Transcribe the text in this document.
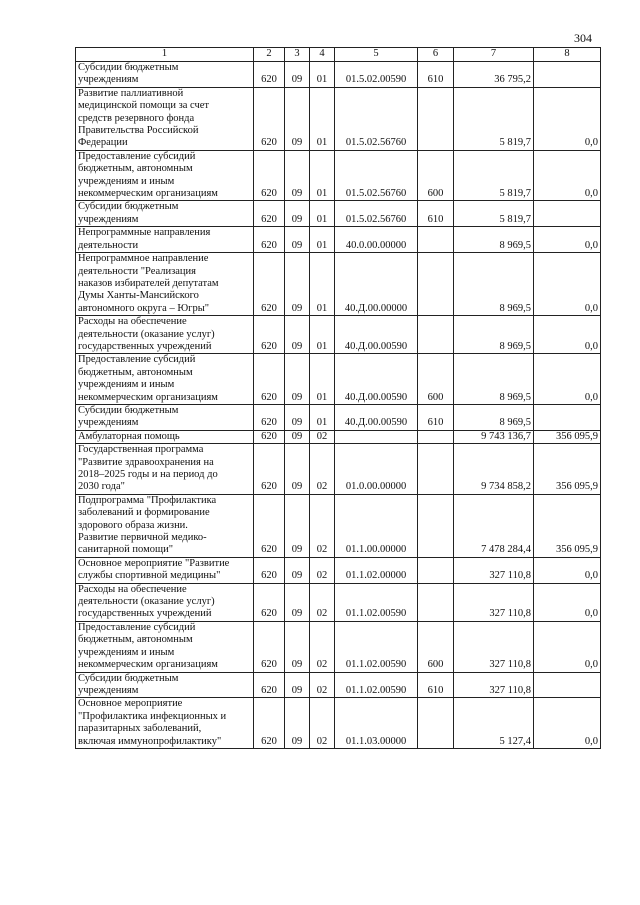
304
1	2	3	4	5	6	7	8
Субсидии бюджетным
учреждениям	620	09	01	01.5.02.00590	610	36 795,2	
Развитие паллиативной
медицинской помощи за счет
средств резервного фонда
Правительства Российской
Федерации	620	09	01	01.5.02.56760		5 819,7	0,0
Предоставление субсидий
бюджетным, автономным
учреждениям и иным
некоммерческим организациям	620	09	01	01.5.02.56760	600	5 819,7	0,0
Субсидии бюджетным
учреждениям	620	09	01	01.5.02.56760	610	5 819,7	
Непрограммные направления
деятельности	620	09	01	40.0.00.00000		8 969,5	0,0
Непрограммное направление
деятельности "Реализация
наказов избирателей депутатам
Думы Ханты-Мансийского
автономного округа – Югры"	620	09	01	40.Д.00.00000		8 969,5	0,0
Расходы на обеспечение
деятельности (оказание услуг)
государственных учреждений	620	09	01	40.Д.00.00590		8 969,5	0,0
Предоставление субсидий
бюджетным, автономным
учреждениям и иным
некоммерческим организациям	620	09	01	40.Д.00.00590	600	8 969,5	0,0
Субсидии бюджетным
учреждениям	620	09	01	40.Д.00.00590	610	8 969,5	
Амбулаторная помощь	620	09	02			9 743 136,7	356 095,9
Государственная программа
"Развитие здравоохранения на
2018–2025 годы и на период до
2030 года"	620	09	02	01.0.00.00000		9 734 858,2	356 095,9
Подпрограмма "Профилактика
заболеваний и формирование
здорового образа жизни.
Развитие первичной медико-
санитарной помощи"	620	09	02	01.1.00.00000		7 478 284,4	356 095,9
Основное мероприятие "Развитие
службы спортивной медицины"	620	09	02	01.1.02.00000		327 110,8	0,0
Расходы на обеспечение
деятельности (оказание услуг)
государственных учреждений	620	09	02	01.1.02.00590		327 110,8	0,0
Предоставление субсидий
бюджетным, автономным
учреждениям и иным
некоммерческим организациям	620	09	02	01.1.02.00590	600	327 110,8	0,0
Субсидии бюджетным
учреждениям	620	09	02	01.1.02.00590	610	327 110,8	
Основное мероприятие
"Профилактика инфекционных и
паразитарных заболеваний,
включая иммунопрофилактику"	620	09	02	01.1.03.00000		5 127,4	0,0
